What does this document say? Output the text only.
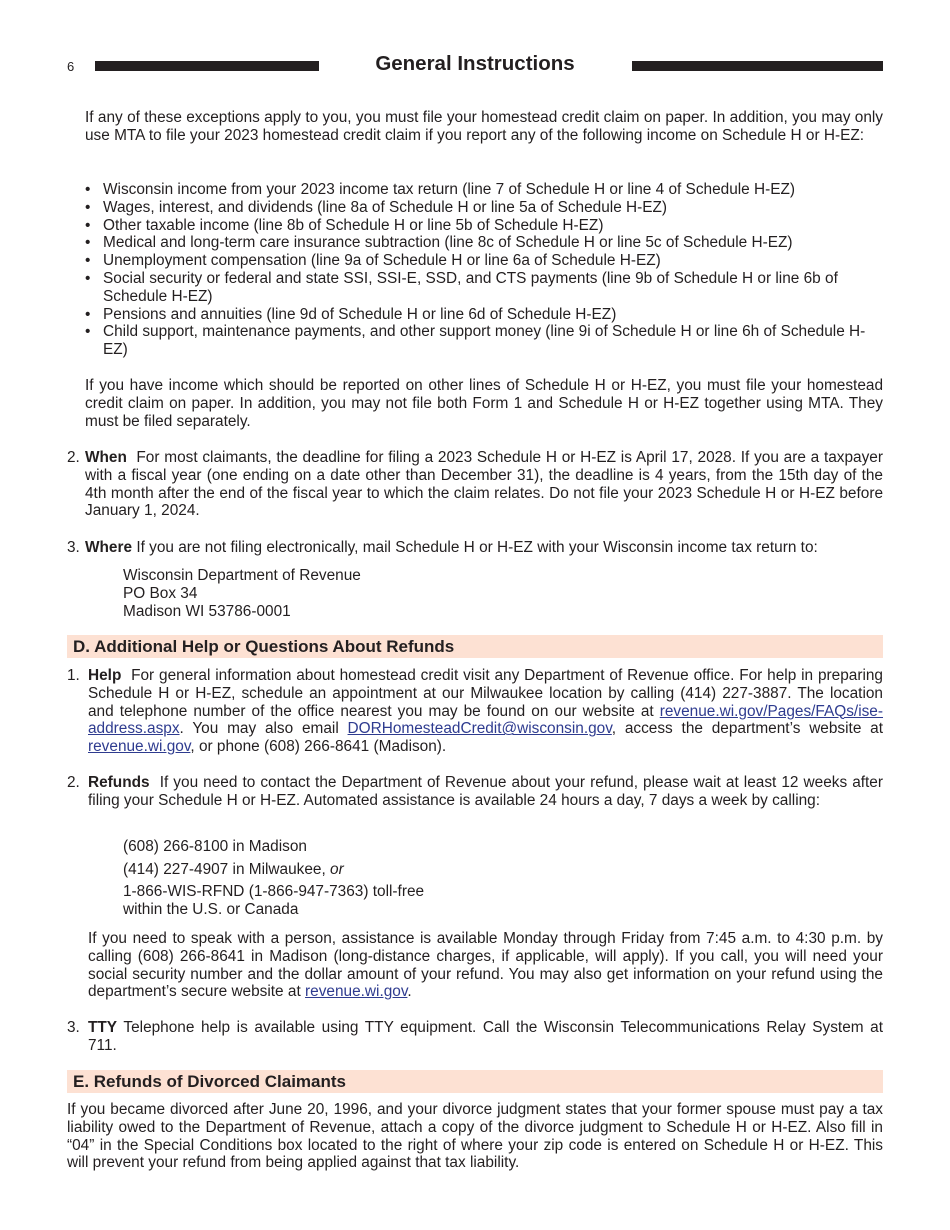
6	General Instructions

If any of these exceptions apply to you, you must file your homestead credit claim on paper. In addition, you may only use MTA to file your 2023 homestead credit claim if you report any of the following income on Schedule H or H-EZ:

• Wisconsin income from your 2023 income tax return (line 7 of Schedule H or line 4 of Schedule H-EZ)
• Wages, interest, and dividends (line 8a of Schedule H or line 5a of Schedule H-EZ)
• Other taxable income (line 8b of Schedule H or line 5b of Schedule H-EZ)
• Medical and long-term care insurance subtraction (line 8c of Schedule H or line 5c of Schedule H-EZ)
• Unemployment compensation (line 9a of Schedule H or line 6a of Schedule H-EZ)
• Social security or federal and state SSI, SSI-E, SSD, and CTS payments (line 9b of Schedule H or line 6b of Schedule H-EZ)
• Pensions and annuities (line 9d of Schedule H or line 6d of Schedule H-EZ)
• Child support, maintenance payments, and other support money (line 9i of Schedule H or line 6h of Schedule H-EZ)

If you have income which should be reported on other lines of Schedule H or H-EZ, you must file your homestead credit claim on paper. In addition, you may not file both Form 1 and Schedule H or H-EZ together using MTA. They must be filed separately.

2. When For most claimants, the deadline for filing a 2023 Schedule H or H-EZ is April 17, 2028. If you are a taxpayer with a fiscal year (one ending on a date other than December 31), the deadline is 4 years, from the 15th day of the 4th month after the end of the fiscal year to which the claim relates. Do not file your 2023 Schedule H or H-EZ before January 1, 2024.
3. Where If you are not filing electronically, mail Schedule H or H-EZ with your Wisconsin income tax return to:
Wisconsin Department of Revenue
PO Box 34
Madison WI 53786-0001
D. Additional Help or Questions About Refunds
1. Help For general information about homestead credit visit any Department of Revenue office. For help in preparing Schedule H or H-EZ, schedule an appointment at our Milwaukee location by calling (414) 227-3887. The location and telephone number of the office nearest you may be found on our website at revenue.wi.gov/Pages/FAQs/ise-address.aspx. You may also email DORHomesteadCredit@wisconsin.gov, access the department’s website at revenue.wi.gov, or phone (608) 266-8641 (Madison).
2. Refunds If you need to contact the Department of Revenue about your refund, please wait at least 12 weeks after filing your Schedule H or H-EZ. Automated assistance is available 24 hours a day, 7 days a week by calling:
(608) 266-8100 in Madison
(414) 227-4907 in Milwaukee, or
1-866-WIS-RFND (1-866-947-7363) toll-free
within the U.S. or Canada

If you need to speak with a person, assistance is available Monday through Friday from 7:45 a.m. to 4:30 p.m. by calling (608) 266-8641 in Madison (long-distance charges, if applicable, will apply). If you call, you will need your social security number and the dollar amount of your refund. You may also get information on your refund using the department’s secure website at revenue.wi.gov.

3. TTY Telephone help is available using TTY equipment. Call the Wisconsin Telecommunications Relay System at 711.
E. Refunds of Divorced Claimants

If you became divorced after June 20, 1996, and your divorce judgment states that your former spouse must pay a tax liability owed to the Department of Revenue, attach a copy of the divorce judgment to Schedule H or H-EZ. Also fill in “04” in the Special Conditions box located to the right of where your zip code is entered on Schedule H or H-EZ. This will prevent your refund from being applied against that tax liability.
